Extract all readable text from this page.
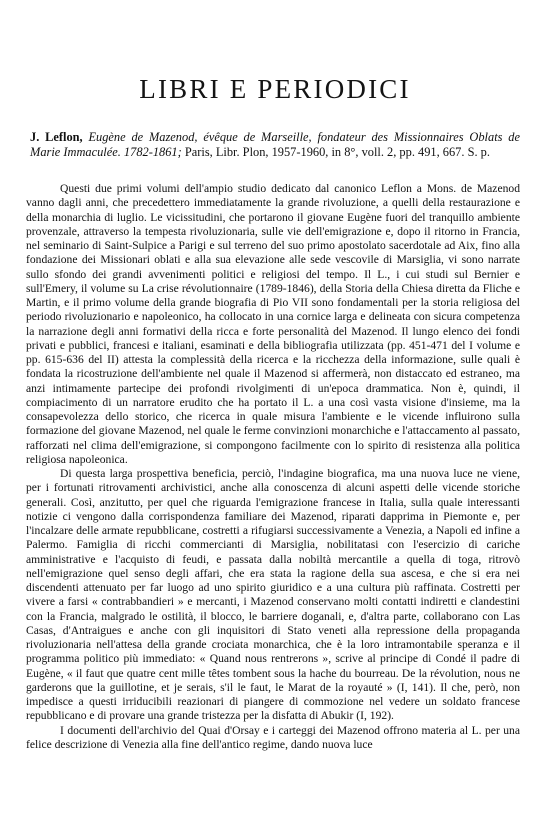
LIBRI E PERIODICI
J. Leflon, Eugène de Mazenod, évêque de Marseille, fondateur des Missionnaires Oblats de Marie Immaculée. 1782-1861; Paris, Libr. Plon, 1957-1960, in 8°, voll. 2, pp. 491, 667. S. p.

Questi due primi volumi dell'ampio studio dedicato dal canonico Leflon a Mons. de Mazenod vanno dagli anni, che precedettero immediatamente la grande rivoluzione, a quelli della restaurazione e della monarchia di luglio. Le vicissitudini, che portarono il giovane Eugène fuori del tranquillo ambiente provenzale, attraverso la tempesta rivoluzionaria, sulle vie dell'emigrazione e, dopo il ritorno in Francia, nel seminario di Saint-Sulpice a Parigi e sul terreno del suo primo apostolato sacerdotale ad Aix, fino alla fondazione dei Missionari oblati e alla sua elevazione alle sede vescovile di Marsiglia, vi sono narrate sullo sfondo dei grandi avvenimenti politici e religiosi del tempo. Il L., i cui studi sul Bernier e sull'Emery, il volume su La crise révolutionnaire (1789-1846), della Storia della Chiesa diretta da Fliche e Martin, e il primo volume della grande biografia di Pio VII sono fondamentali per la storia religiosa del periodo rivoluzionario e napoleonico, ha collocato in una cornice larga e delineata con sicura competenza la narrazione degli anni formativi della ricca e forte personalità del Mazenod. Il lungo elenco dei fondi privati e pubblici, francesi e italiani, esaminati e della bibliografia utilizzata (pp. 451-471 del I volume e pp. 615-636 del II) attesta la complessità della ricerca e la ricchezza della informazione, sulle quali è fondata la ricostruzione dell'ambiente nel quale il Mazenod si affermerà, non distaccato ed estraneo, ma anzi intimamente partecipe dei profondi rivolgimenti di un'epoca drammatica. Non è, quindi, il compiacimento di un narratore erudito che ha portato il L. a una così vasta visione d'insieme, ma la consapevolezza dello storico, che ricerca in quale misura l'ambiente e le vicende influirono sulla formazione del giovane Mazenod, nel quale le ferme convinzioni monarchiche e l'attaccamento al passato, rafforzati nel clima dell'emigrazione, si compongono facilmente con lo spirito di resistenza alla politica religiosa napoleonica.

Di questa larga prospettiva beneficia, perciò, l'indagine biografica, ma una nuova luce ne viene, per i fortunati ritrovamenti archivistici, anche alla conoscenza di alcuni aspetti delle vicende storiche generali. Così, anzitutto, per quel che riguarda l'emigrazione francese in Italia, sulla quale interessanti notizie ci vengono dalla corrispondenza familiare dei Mazenod, riparati dapprima in Piemonte e, per l'incalzare delle armate repubblicane, costretti a rifugiarsi successivamente a Venezia, a Napoli ed infine a Palermo. Famiglia di ricchi commercianti di Marsiglia, nobilitatasi con l'esercizio di cariche amministrative e l'acquisto di feudi, e passata dalla nobiltà mercantile a quella di toga, ritrovò nell'emigrazione quel senso degli affari, che era stata la ragione della sua ascesa, e che si era nei discendenti attenuato per far luogo ad uno spirito giuridico e a una cultura più raffinata. Costretti per vivere a farsi « contrabbandieri » e mercanti, i Mazenod conservano molti contatti indiretti e clandestini con la Francia, malgrado le ostilità, il blocco, le barriere doganali, e, d'altra parte, collaborano con Las Casas, d'Antraigues e anche con gli inquisitori di Stato veneti alla repressione della propaganda rivoluzionaria nell'attesa della grande crociata monarchica, che è la loro intramontabile speranza e il programma politico più immediato: « Quand nous rentrerons », scrive al principe di Condé il padre di Eugène, « il faut que quatre cent mille têtes tombent sous la hache du bourreau. De la révolution, nous ne garderons que la guillotine, et je serais, s'il le faut, le Marat de la royauté » (I, 141). Il che, però, non impedisce a questi irriducibili reazionari di piangere di commozione nel vedere un soldato francese repubblicano e di provare una grande tristezza per la disfatta di Abukir (I, 192).

I documenti dell'archivio del Quai d'Orsay e i carteggi dei Mazenod offrono materia al L. per una felice descrizione di Venezia alla fine dell'antico regime, dando nuova luce
